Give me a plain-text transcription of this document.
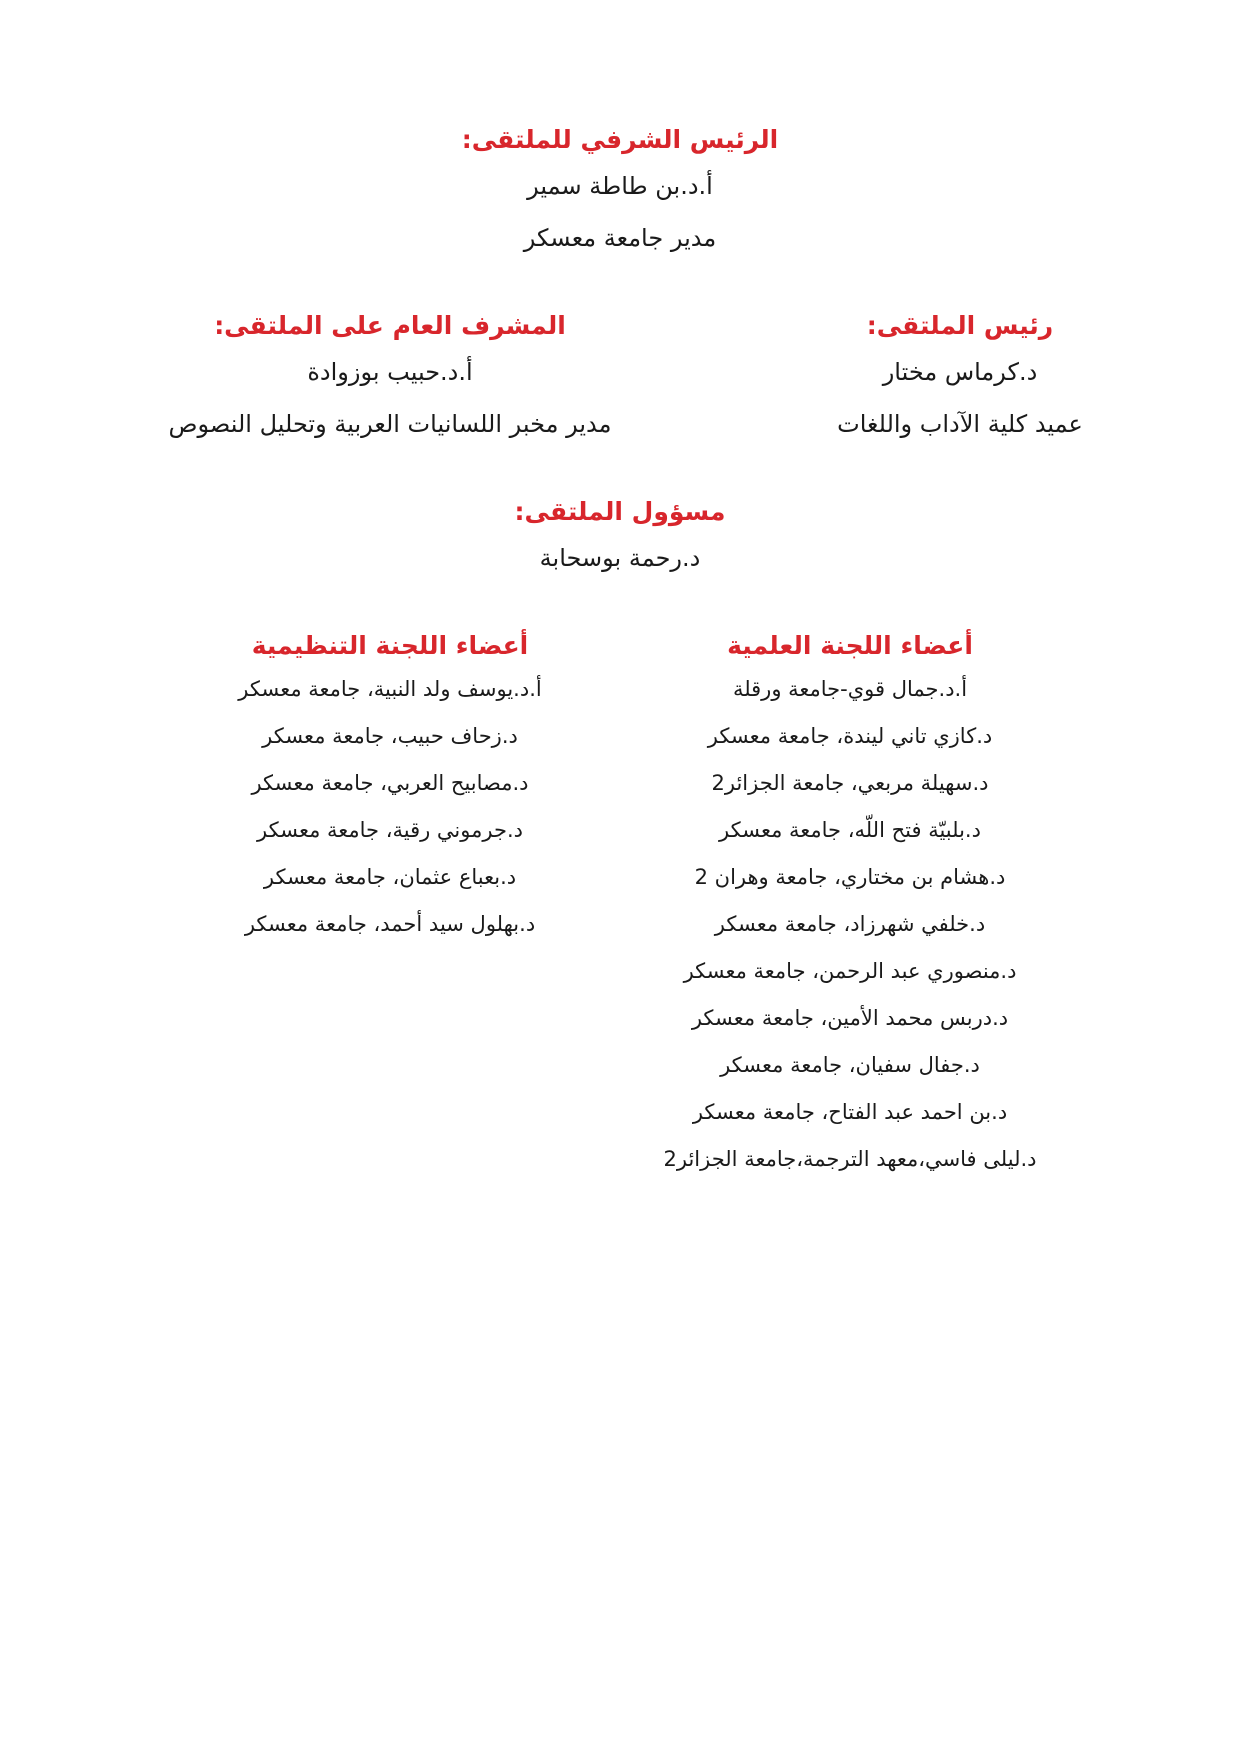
الرئيس الشرفي للملتقى:
أ.د.بن طاطة سمير
مدير جامعة معسكر
رئيس الملتقى:
د.كرماس مختار
عميد كلية الآداب واللغات
المشرف العام على الملتقى:
أ.د.حبيب بوزوادة
مدير مخبر اللسانيات العربية وتحليل النصوص
مسؤول الملتقى:
د.رحمة بوسحابة
أعضاء اللجنة العلمية
أ.د.جمال قوي-جامعة ورقلة
د.كازي تاني ليندة، جامعة معسكر
د.سهيلة مربعي، جامعة الجزائر2
د.بلبيّة فتح اللّه، جامعة معسكر
د.هشام بن مختاري، جامعة وهران 2
د.خلفي شهرزاد، جامعة معسكر
د.منصوري عبد الرحمن، جامعة معسكر
د.دربس محمد الأمين، جامعة معسكر
د.جفال سفيان، جامعة معسكر
د.بن احمد عبد الفتاح، جامعة معسكر
د.ليلى فاسي،معهد الترجمة،جامعة الجزائر2
أعضاء اللجنة التنظيمية
أ.د.يوسف ولد النبية، جامعة معسكر
د.زحاف حبيب، جامعة معسكر
د.مصابيح العربي، جامعة معسكر
د.جرموني رقية، جامعة معسكر
د.بعباع عثمان، جامعة معسكر
د.بهلول سيد أحمد، جامعة معسكر
